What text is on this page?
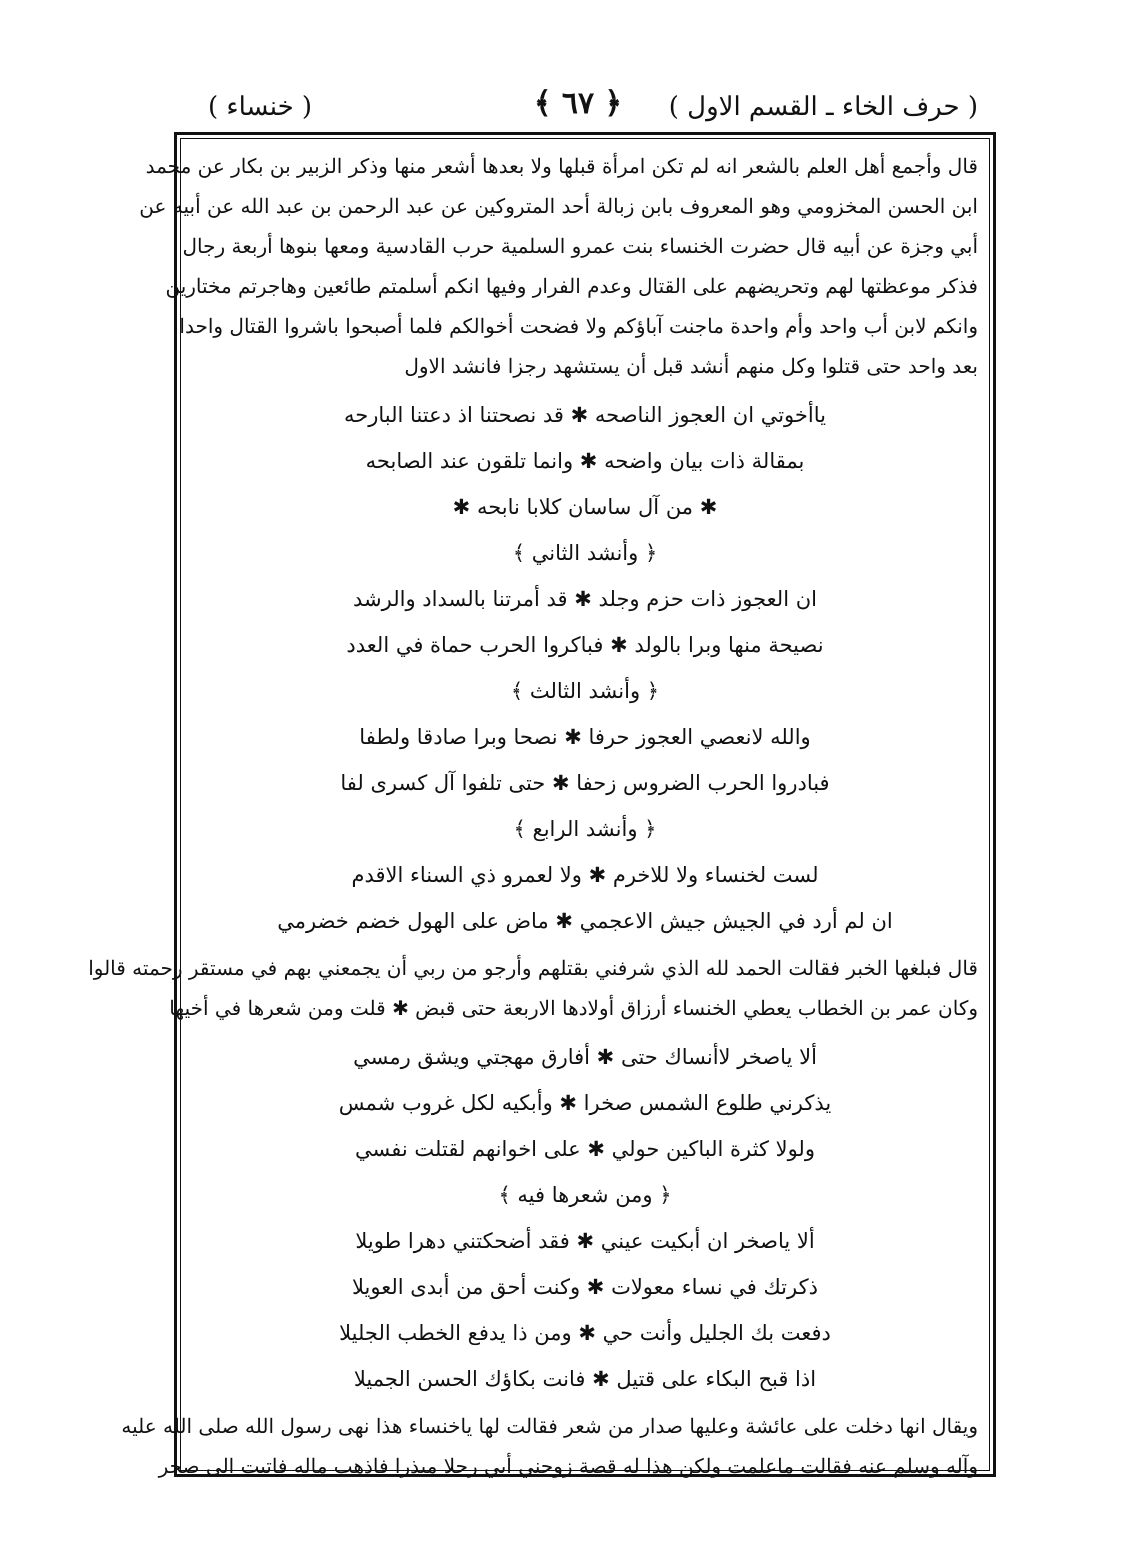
( حرف الخاء ـ القسم الاول )
﴿ ٦٧ ﴾
( خنساء )
قال وأجمع أهل العلم بالشعر انه لم تكن امرأة قبلها ولا بعدها أشعر منها وذكر الزبير بن بكار عن محمد
ابن الحسن المخزومي وهو المعروف بابن زبالة أحد المتروكين عن عبد الرحمن بن عبد الله عن أبيه عن
أبي وجزة عن أبيه قال حضرت الخنساء بنت عمرو السلمية حرب القادسية ومعها بنوها أربعة رجال
فذكر موعظتها لهم وتحريضهم على القتال وعدم الفرار وفيها انكم أسلمتم طائعين وهاجرتم مختارين
وانكم لابن أب واحد وأم واحدة ماجنت آباؤكم ولا فضحت أخوالكم فلما أصبحوا باشروا القتال واحدا
بعد واحد حتى قتلوا وكل منهم أنشد قبل أن يستشهد رجزا فانشد الاول
ياأخوتي ان العجوز الناصحه ✱ قد نصحتنا اذ دعتنا البارحه
بمقالة ذات بيان واضحه ✱ وانما تلقون عند الصابحه
✱ من آل ساسان كلابا نابحه ✱
﴿ وأنشد الثاني ﴾
ان العجوز ذات حزم وجلد ✱ قد أمرتنا بالسداد والرشد
نصيحة منها وبرا بالولد ✱ فباكروا الحرب حماة في العدد
﴿ وأنشد الثالث ﴾
والله لانعصي العجوز حرفا ✱ نصحا وبرا صادقا ولطفا
فبادروا الحرب الضروس زحفا ✱ حتى تلفوا آل كسرى لفا
﴿ وأنشد الرابع ﴾
لست لخنساء ولا للاخرم ✱ ولا لعمرو ذي السناء الاقدم
ان لم أرد في الجيش جيش الاعجمي ✱ ماض على الهول خضم خضرمي
قال فبلغها الخبر فقالت الحمد لله الذي شرفني بقتلهم وأرجو من ربي أن يجمعني بهم في مستقر رحمته قالوا
وكان عمر بن الخطاب يعطي الخنساء أرزاق أولادها الاربعة حتى قبض ✱ قلت ومن شعرها في أخيها
ألا ياصخر لاأنساك حتى ✱ أفارق مهجتي ويشق رمسي
يذكرني طلوع الشمس صخرا ✱ وأبكيه لكل غروب شمس
ولولا كثرة الباكين حولي ✱ على اخوانهم لقتلت نفسي
﴿ ومن شعرها فيه ﴾
ألا ياصخر ان أبكيت عيني ✱ فقد أضحكتني دهرا طويلا
ذكرتك في نساء معولات ✱ وكنت أحق من أبدى العويلا
دفعت بك الجليل وأنت حي ✱ ومن ذا يدفع الخطب الجليلا
اذا قبح البكاء على قتيل ✱ فانت بكاؤك الحسن الجميلا
ويقال انها دخلت على عائشة وعليها صدار من شعر فقالت لها ياخنساء هذا نهى رسول الله صلى الله عليه
وآله وسلم عنه فقالت ماعلمت ولكن هذا له قصة زوجني أبي رجلا مبذرا فاذهب ماله فاتيت الى صخر
